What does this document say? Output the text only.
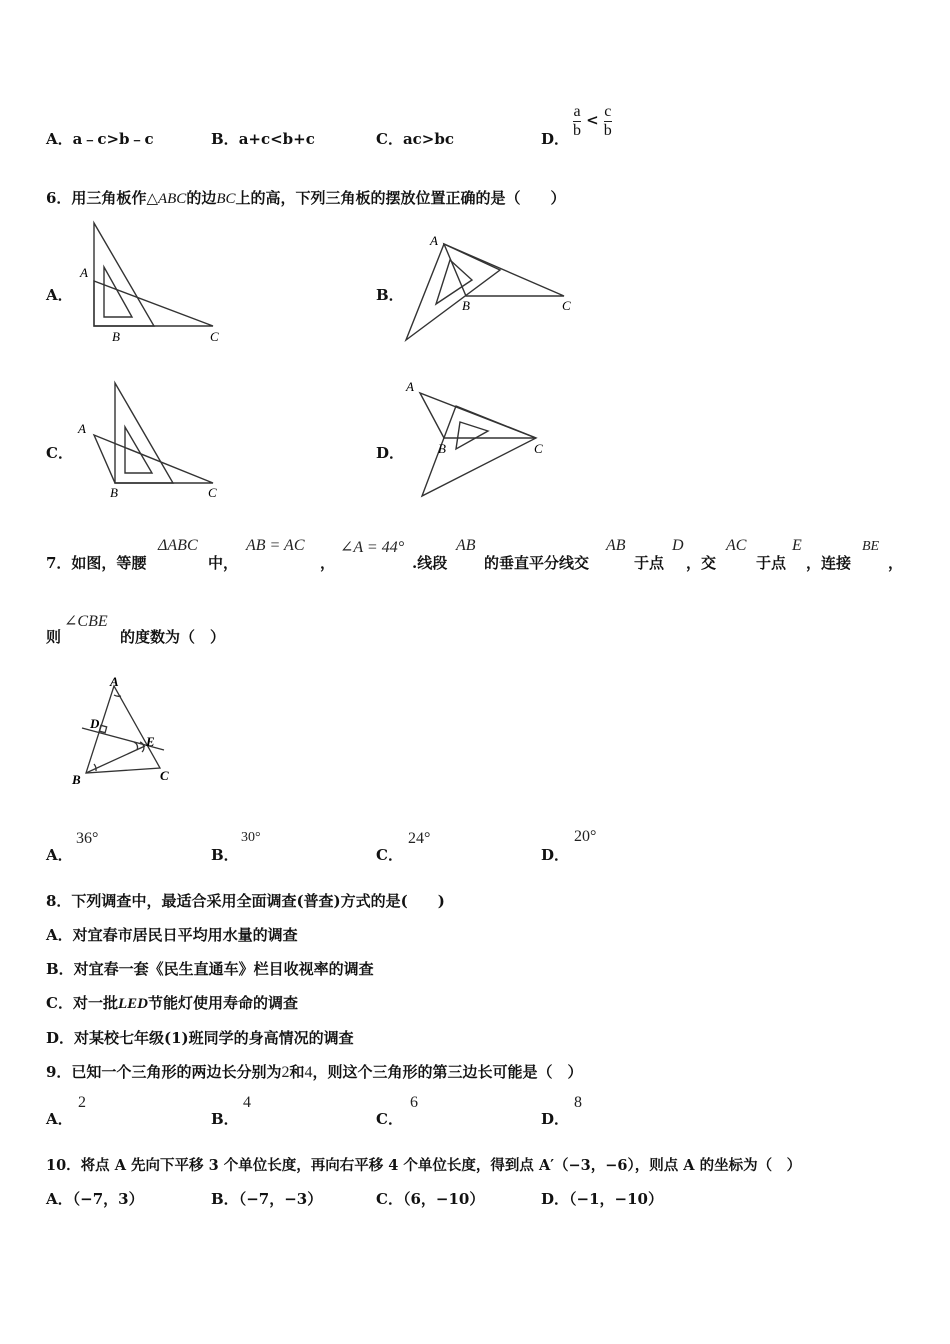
A．a﹣c>b﹣c	B．a+c<b+c	C．ac>bc	D． $\frac{a}{b} < \frac{c}{b}$
6．用三角板作△ABC的边BC上的高，下列三角板的摆放位置正确的是（　　）
A．	B．
C．	D．
A
B	C
A
B	C
A
B	C
A
B	C
7．如图，等腰
ΔABC
中，
AB = AC
，
∠A = 44°
.线段
AB
的垂直平分线交
AB
于点
D
，交
AC
于点
E
，连接
BE
，
则
∠CBE
的度数为（　）
A
D
E
B	C
A．
36°
B．
30°
C．
24°
D．
20°
8．下列调查中，最适合采用全面调查(普查)方式的是(　　)
A．对宜春市居民日平均用水量的调查
B．对宜春一套《民生直通车》栏目收视率的调查
C．对一批LED节能灯使用寿命的调查
D．对某校七年级(1)班同学的身高情况的调查
9．已知一个三角形的两边长分别为2和4，则这个三角形的第三边长可能是（　）
A．
2
B．
4
C．
6
D．
8
10．将点 A 先向下平移 3 个单位长度，再向右平移 4 个单位长度，得到点 A′（−3，−6），则点 A 的坐标为（　）
A．（−7，3）	B．（−7，−3）	C．（6，−10）	D．（−1，−10）
